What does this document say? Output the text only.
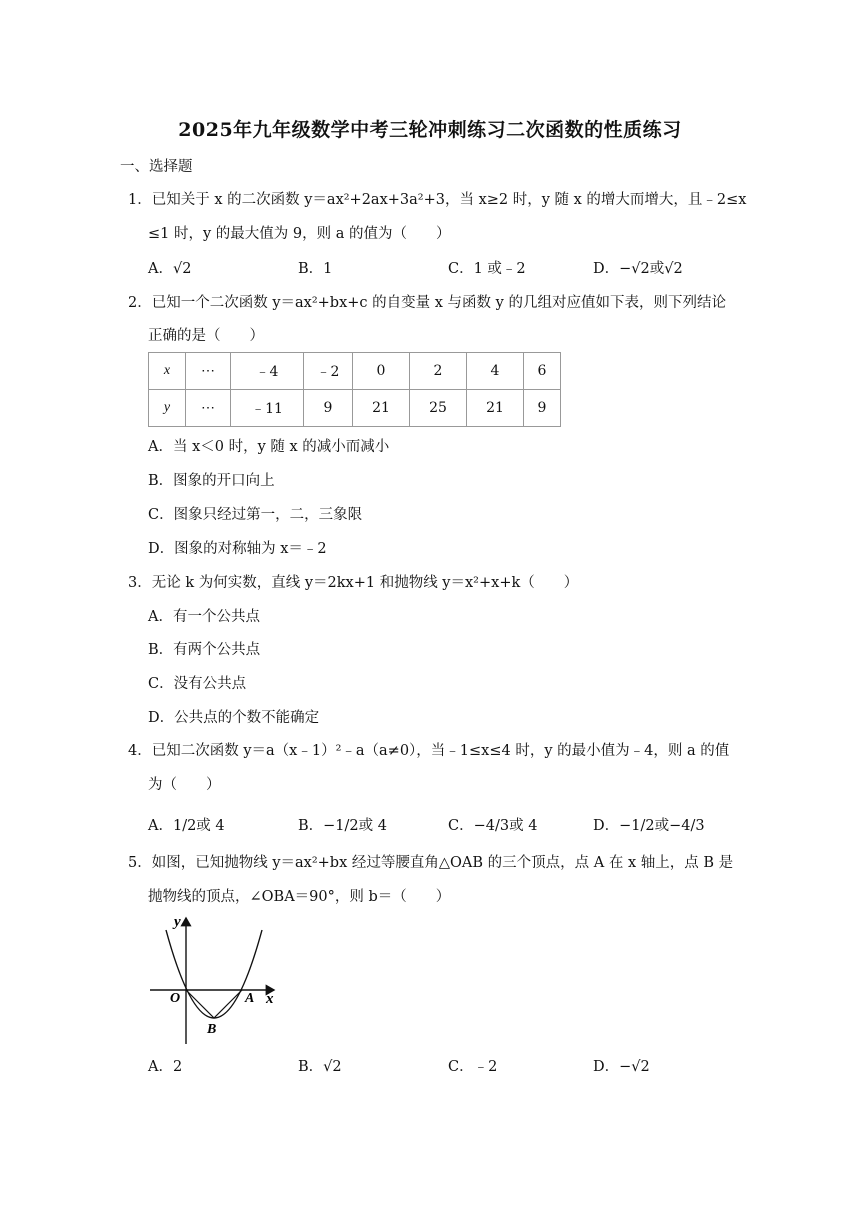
2025年九年级数学中考三轮冲刺练习二次函数的性质练习
一、选择题
1．已知关于 x 的二次函数 y＝ax²+2ax+3a²+3，当 x≥2 时，y 随 x 的增大而增大，且﹣2≤x
≤1 时，y 的最大值为 9，则 a 的值为（　　）
A．√2	B．1	C．1 或﹣2	D．−√2或√2
2．已知一个二次函数 y＝ax²+bx+c 的自变量 x 与函数 y 的几组对应值如下表，则下列结论
正确的是（　　）
x	⋯	﹣4	﹣2	0	2	4	6
y	⋯	﹣11	9	21	25	21	9
A．当 x＜0 时，y 随 x 的减小而减小
B．图象的开口向上
C．图象只经过第一，二，三象限
D．图象的对称轴为 x＝﹣2
3．无论 k 为何实数，直线 y＝2kx+1 和抛物线 y＝x²+x+k（　　）
A．有一个公共点
B．有两个公共点
C．没有公共点
D．公共点的个数不能确定
4．已知二次函数 y＝a（x﹣1）²﹣a（a≠0），当﹣1≤x≤4 时，y 的最小值为﹣4，则 a 的值
为（　　）
A．1/2或 4	B．−1/2或 4	C．−4/3或 4	D．−1/2或−4/3
5．如图，已知抛物线 y＝ax²+bx 经过等腰直角△OAB 的三个顶点，点 A 在 x 轴上，点 B 是
抛物线的顶点，∠OBA＝90°，则 b＝（　　）
y
x
O	A
B
A．2	B．√2	C．﹣2	D．−√2
